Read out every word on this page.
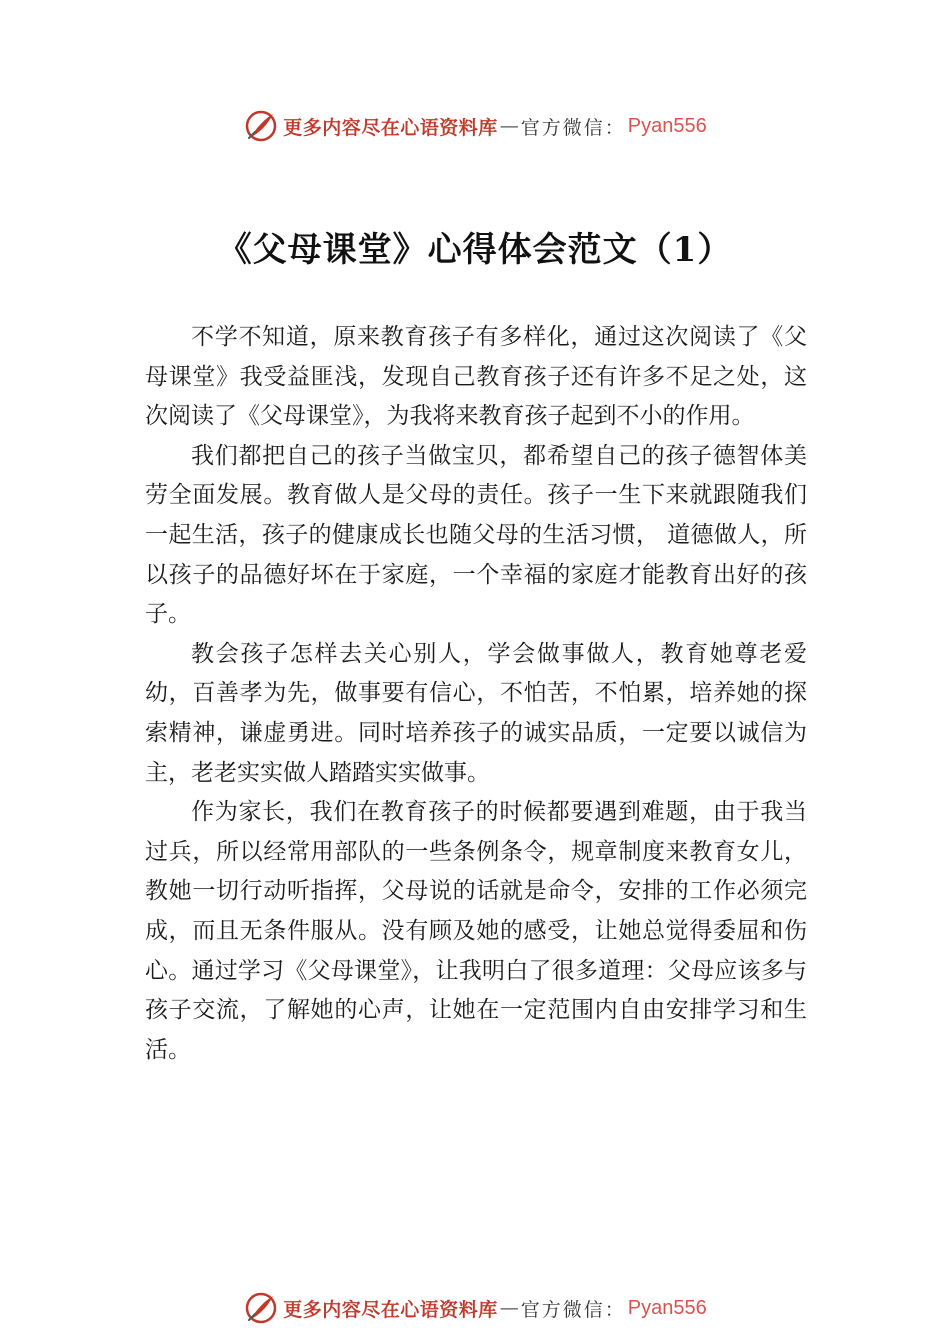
更多内容尽在心语资料库 — 官方微信： Pyan556
《父母课堂》心得体会范文（1）

不学不知道，原来教育孩子有多样化，通过这次阅读了《父母课堂》我受益匪浅，发现自己教育孩子还有许多不足之处，这次阅读了《父母课堂》，为我将来教育孩子起到不小的作用。

我们都把自己的孩子当做宝贝，都希望自己的孩子德智体美劳全面发展。教育做人是父母的责任。孩子一生下来就跟随我们一起生活，孩子的健康成长也随父母的生活习惯， 道德做人，所以孩子的品德好坏在于家庭，一个幸福的家庭才能教育出好的孩子。

教会孩子怎样去关心别人，学会做事做人，教育她尊老爱幼，百善孝为先，做事要有信心，不怕苦，不怕累，培养她的探索精神，谦虚勇进。同时培养孩子的诚实品质，一定要以诚信为主，老老实实做人踏踏实实做事。

作为家长，我们在教育孩子的时候都要遇到难题，由于我当过兵，所以经常用部队的一些条例条令，规章制度来教育女儿，教她一切行动听指挥，父母说的话就是命令，安排的工作必须完成，而且无条件服从。没有顾及她的感受，让她总觉得委屈和伤心。通过学习《父母课堂》，让我明白了很多道理：父母应该多与孩子交流，了解她的心声，让她在一定范围内自由安排学习和生活。

更多内容尽在心语资料库 — 官方微信： Pyan556
